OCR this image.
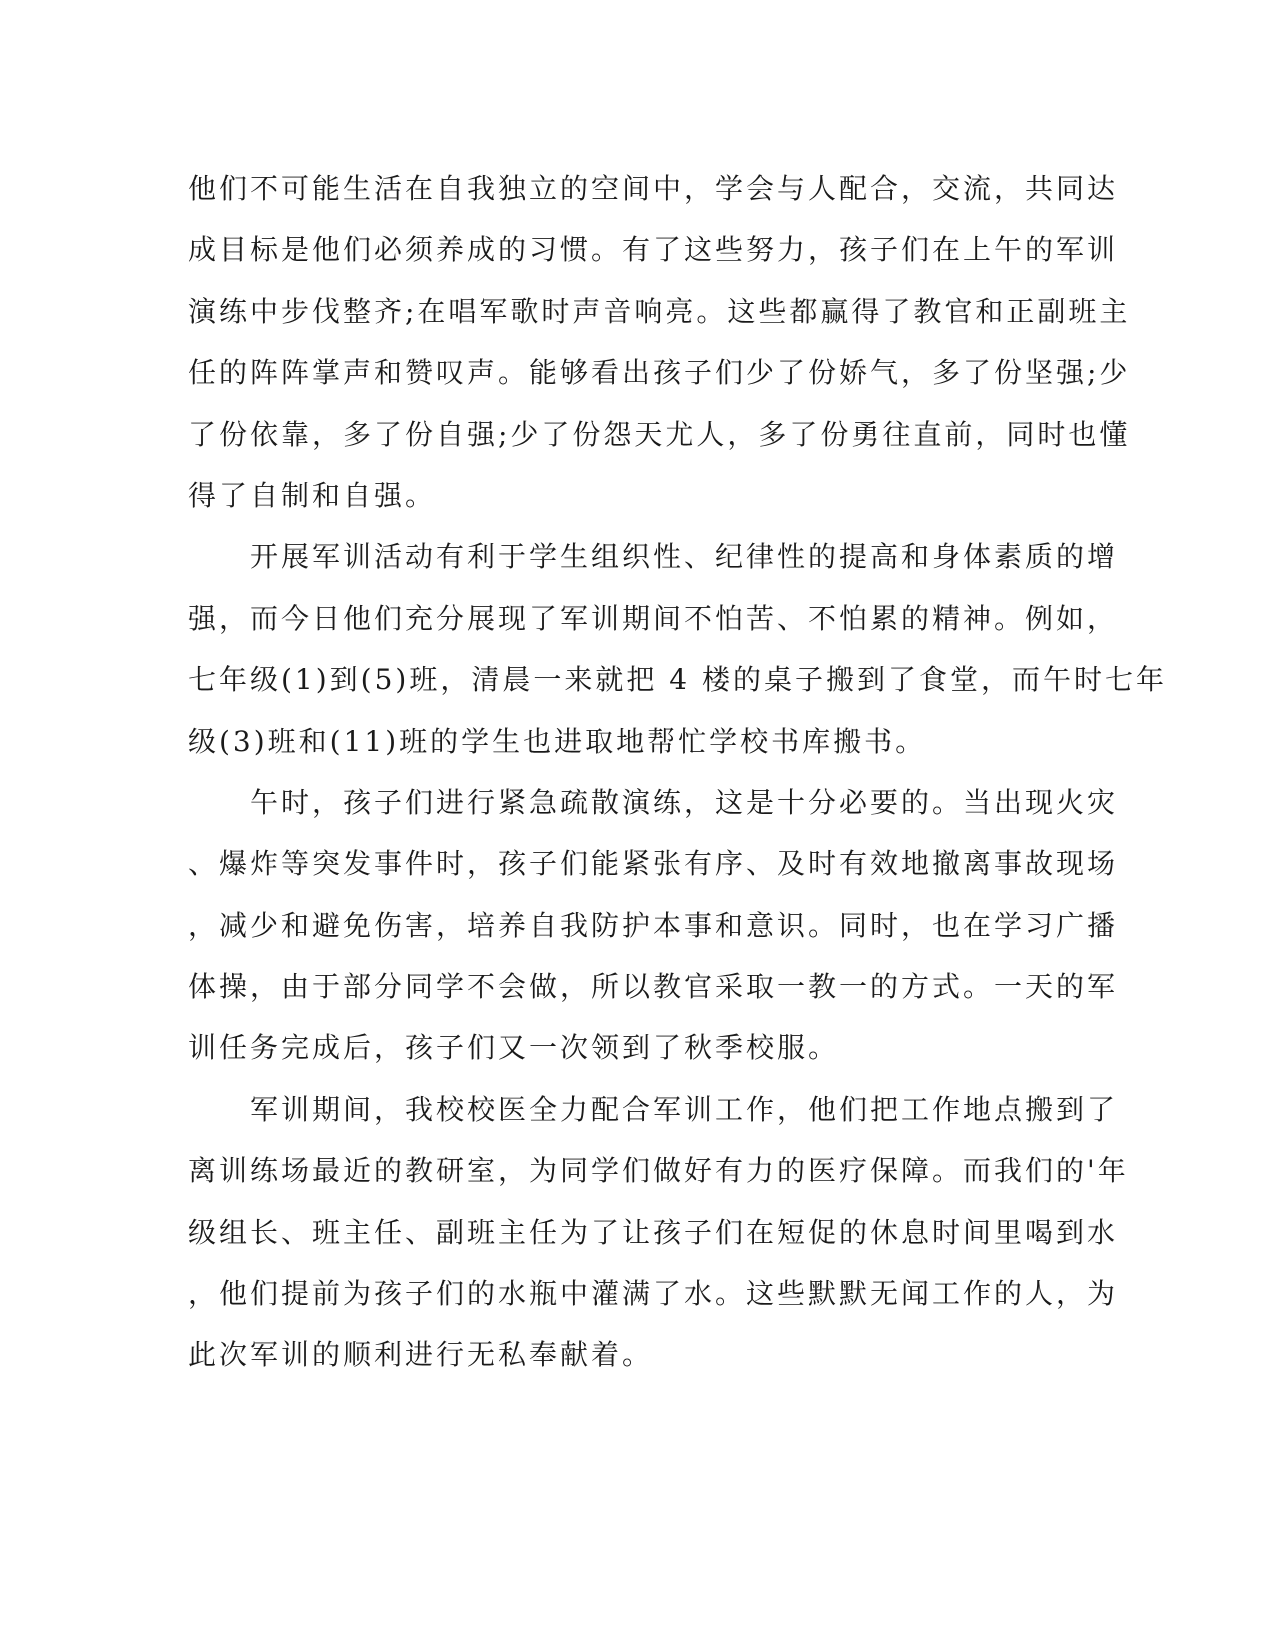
他们不可能生活在自我独立的空间中，学会与人配合，交流，共同达
成目标是他们必须养成的习惯。有了这些努力，孩子们在上午的军训
演练中步伐整齐;在唱军歌时声音响亮。这些都赢得了教官和正副班主
任的阵阵掌声和赞叹声。能够看出孩子们少了份娇气，多了份坚强;少
了份依靠，多了份自强;少了份怨天尤人，多了份勇往直前，同时也懂
得了自制和自强。
　　开展军训活动有利于学生组织性、纪律性的提高和身体素质的增
强，而今日他们充分展现了军训期间不怕苦、不怕累的精神。例如，
七年级(1)到(5)班，清晨一来就把 4 楼的桌子搬到了食堂，而午时七年
级(3)班和(11)班的学生也进取地帮忙学校书库搬书。
　　午时，孩子们进行紧急疏散演练，这是十分必要的。当出现火灾
、爆炸等突发事件时，孩子们能紧张有序、及时有效地撤离事故现场
，减少和避免伤害，培养自我防护本事和意识。同时，也在学习广播
体操，由于部分同学不会做，所以教官采取一教一的方式。一天的军
训任务完成后，孩子们又一次领到了秋季校服。
　　军训期间，我校校医全力配合军训工作，他们把工作地点搬到了
离训练场最近的教研室，为同学们做好有力的医疗保障。而我们的'年
级组长、班主任、副班主任为了让孩子们在短促的休息时间里喝到水
，他们提前为孩子们的水瓶中灌满了水。这些默默无闻工作的人，为
此次军训的顺利进行无私奉献着。
